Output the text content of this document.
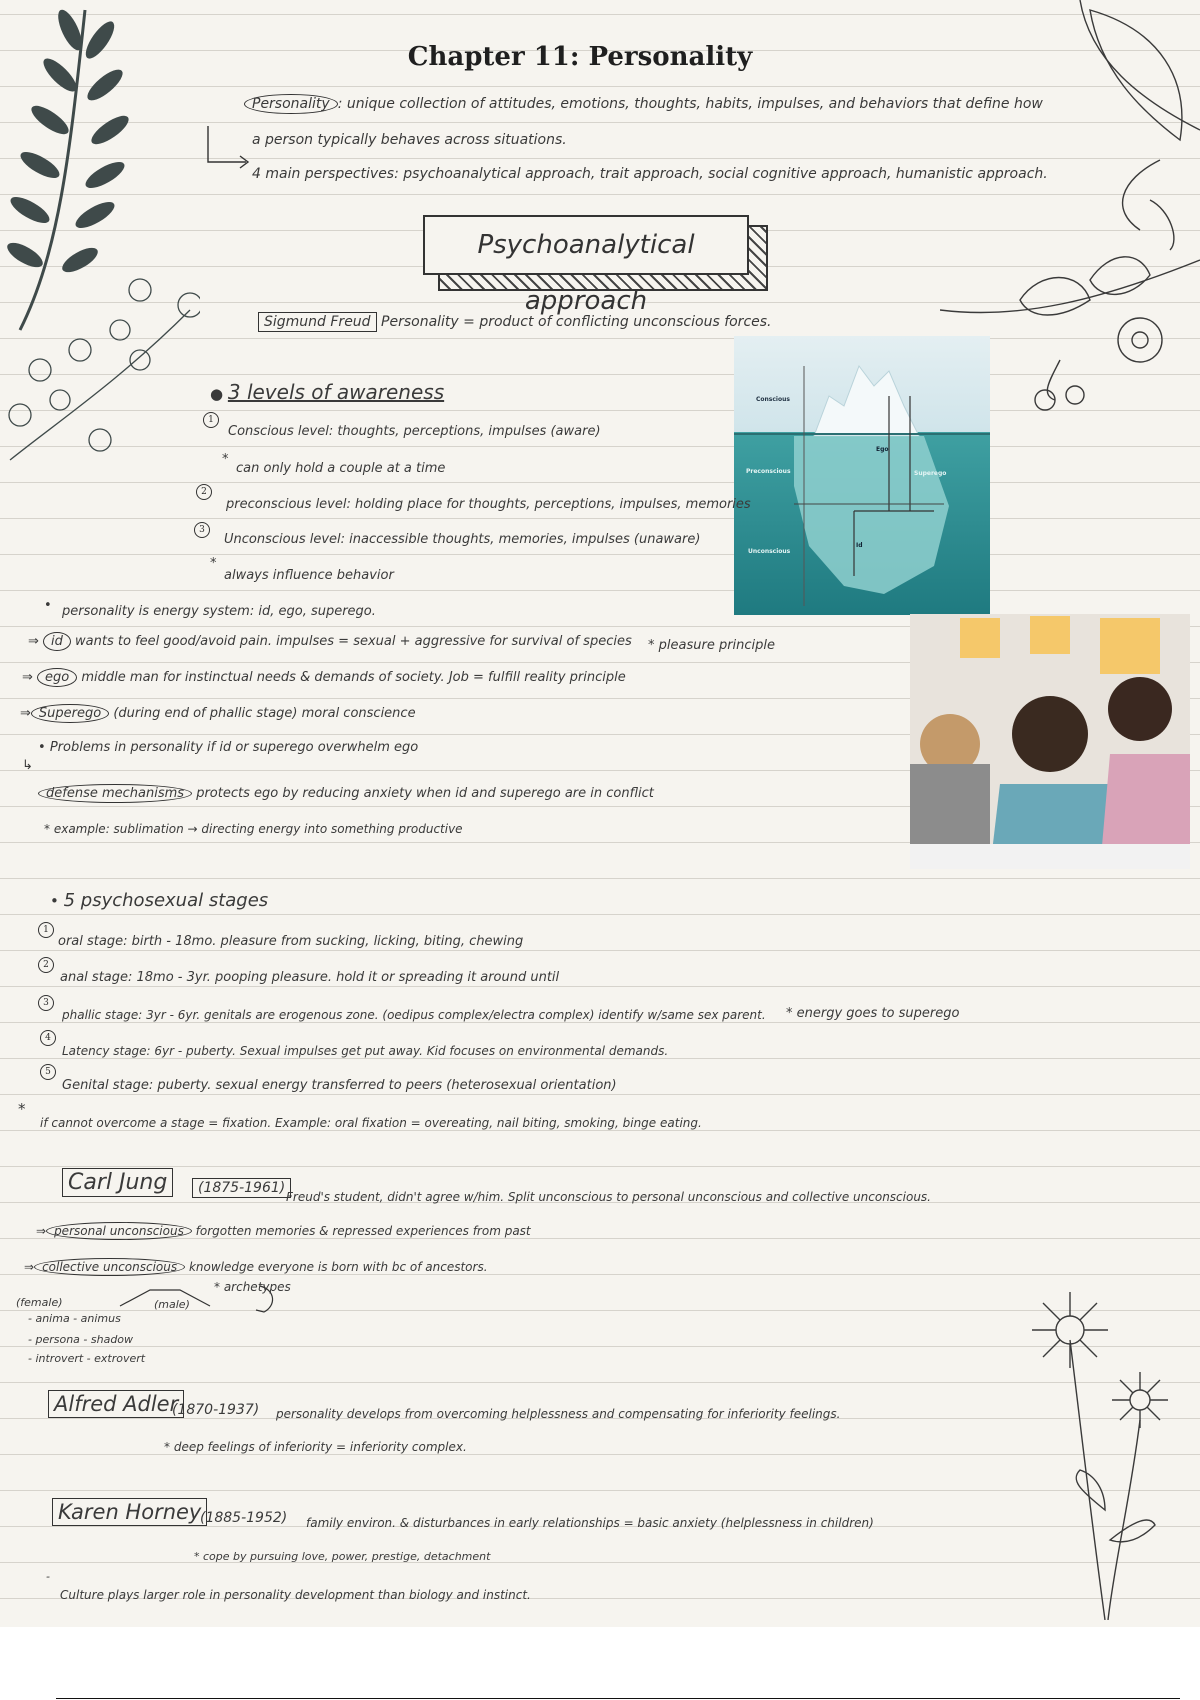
Chapter 11: Personality
Personality : unique collection of attitudes, emotions, thoughts, habits, impulses, and behaviors that define how
a person typically behaves across situations.
4 main perspectives: psychoanalytical approach, trait approach, social cognitive approach, humanistic approach.
Psychoanalytical approach
Sigmund Freud Personality = product of conflicting unconscious forces.
Conscious
Preconscious
Unconscious
Ego
Superego
Id
● 3 levels of awareness
1
Conscious level: thoughts, perceptions, impulses (aware)
*
can only hold a couple at a time
2
preconscious level: holding place for thoughts, perceptions, impulses, memories
3
Unconscious level: inaccessible thoughts, memories, impulses (unaware)
*
always influence behavior
• personality is energy system: id, ego, superego.
⇒ id wants to feel good/avoid pain. impulses = sexual + aggressive for survival of species * pleasure principle
⇒ ego middle man for instinctual needs & demands of society. Job = fulfill reality principle
⇒ Superego (during end of phallic stage) moral conscience
• Problems in personality if id or superego overwhelm ego
↳
defense mechanisms protects ego by reducing anxiety when id and superego are in conflict
* example: sublimation → directing energy into something productive
• 5 psychosexual stages
1
oral stage: birth - 18mo. pleasure from sucking, licking, biting, chewing
2
anal stage: 18mo - 3yr. pooping pleasure. hold it or spreading it around until
3
phallic stage: 3yr - 6yr. genitals are erogenous zone. (oedipus complex/electra complex) identify w/same sex parent. * energy goes to superego
4
Latency stage: 6yr - puberty. Sexual impulses get put away. Kid focuses on environmental demands.
5
Genital stage: puberty. sexual energy transferred to peers (heterosexual orientation)
*
if cannot overcome a stage = fixation. Example: oral fixation = overeating, nail biting, smoking, binge eating.
Carl Jung	(1875-1961)
Freud's student, didn't agree w/him. Split unconscious to personal unconscious and collective unconscious.
⇒ personal unconscious forgotten memories & repressed experiences from past
⇒ collective unconscious knowledge everyone is born with bc of ancestors.
* archetypes
(female)	(male)
- anima - animus
- persona - shadow
- introvert - extrovert
Alfred Adler
(1870-1937) personality develops from overcoming helplessness and compensating for inferiority feelings.
* deep feelings of inferiority = inferiority complex.
Karen Horney
(1885-1952) family environ. & disturbances in early relationships = basic anxiety (helplessness in children)
* cope by pursuing love, power, prestige, detachment
-
Culture plays larger role in personality development than biology and instinct.
